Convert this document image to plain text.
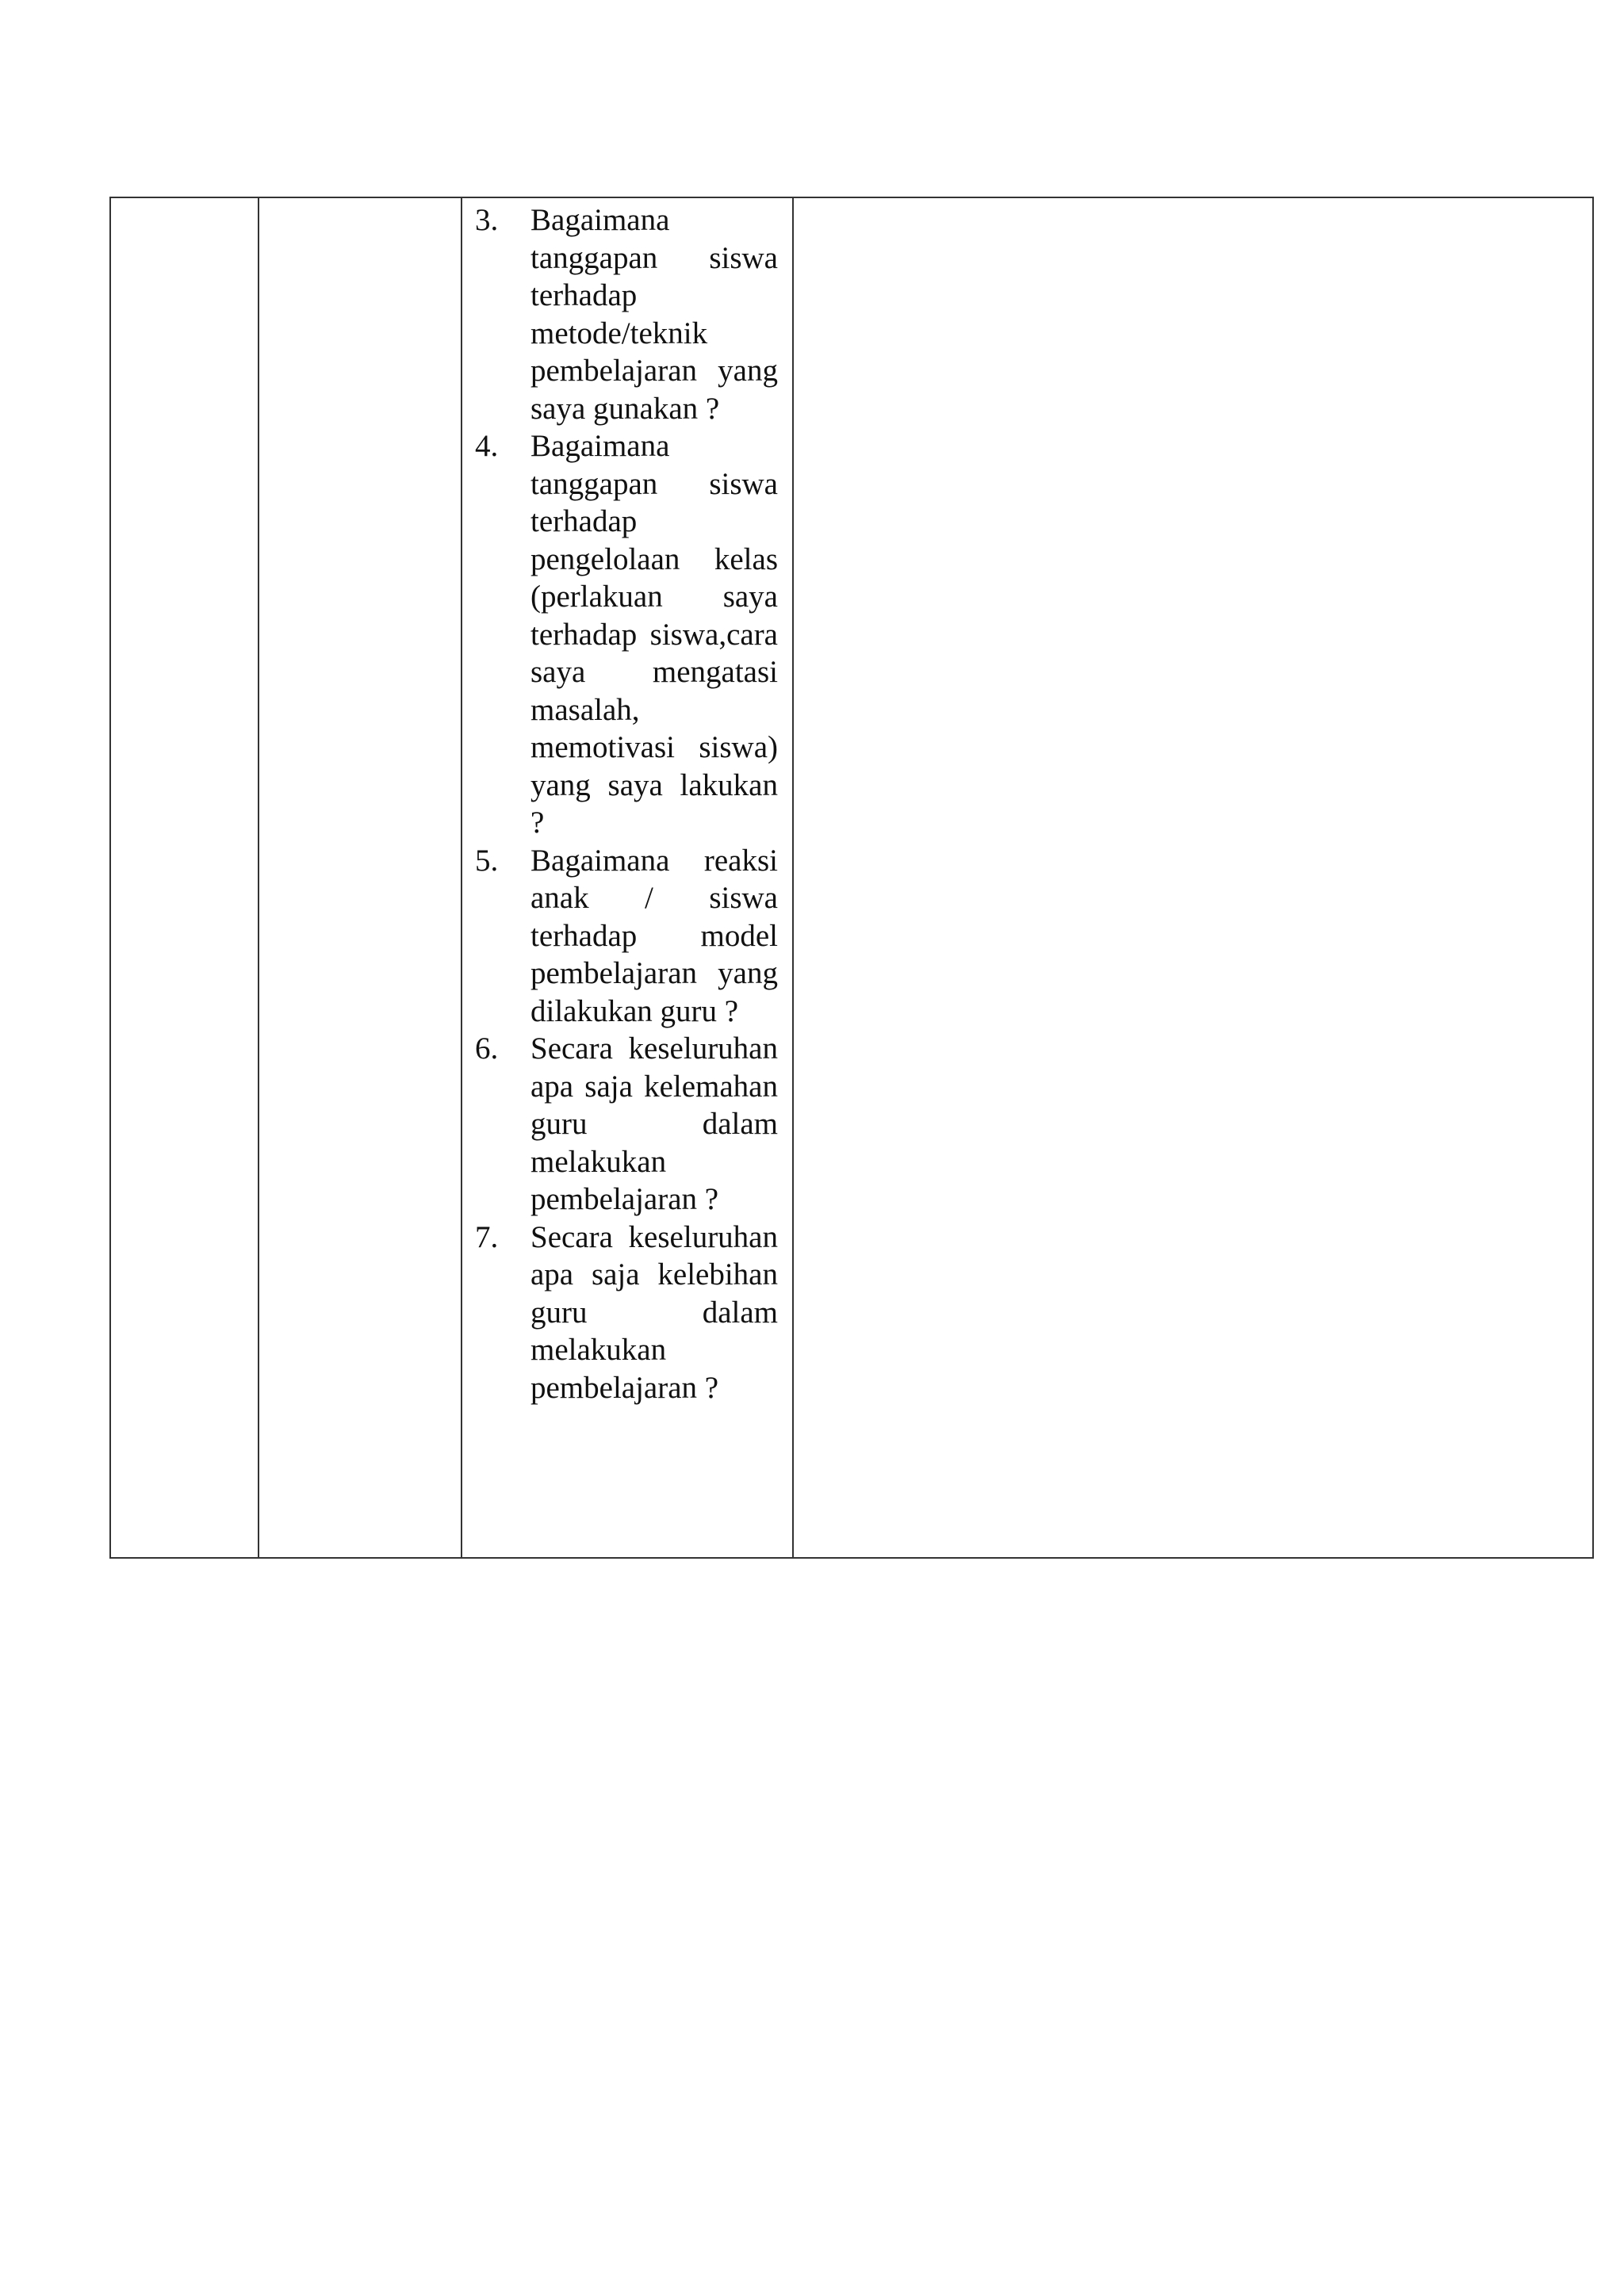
3. Bagaimana tanggapan siswa terhadap metode/teknik pembelajaran yang saya gunakan ?
4. Bagaimana tanggapan siswa terhadap pengelolaan kelas (perlakuan saya terhadap siswa,cara saya mengatasi masalah, memotivasi siswa) yang saya lakukan ?
5. Bagaimana reaksi anak / siswa terhadap model pembelajaran yang dilakukan guru ?
6. Secara keseluruhan apa saja kelemahan guru dalam melakukan pembelajaran ?
7. Secara keseluruhan apa saja kelebihan guru dalam melakukan pembelajaran ?
